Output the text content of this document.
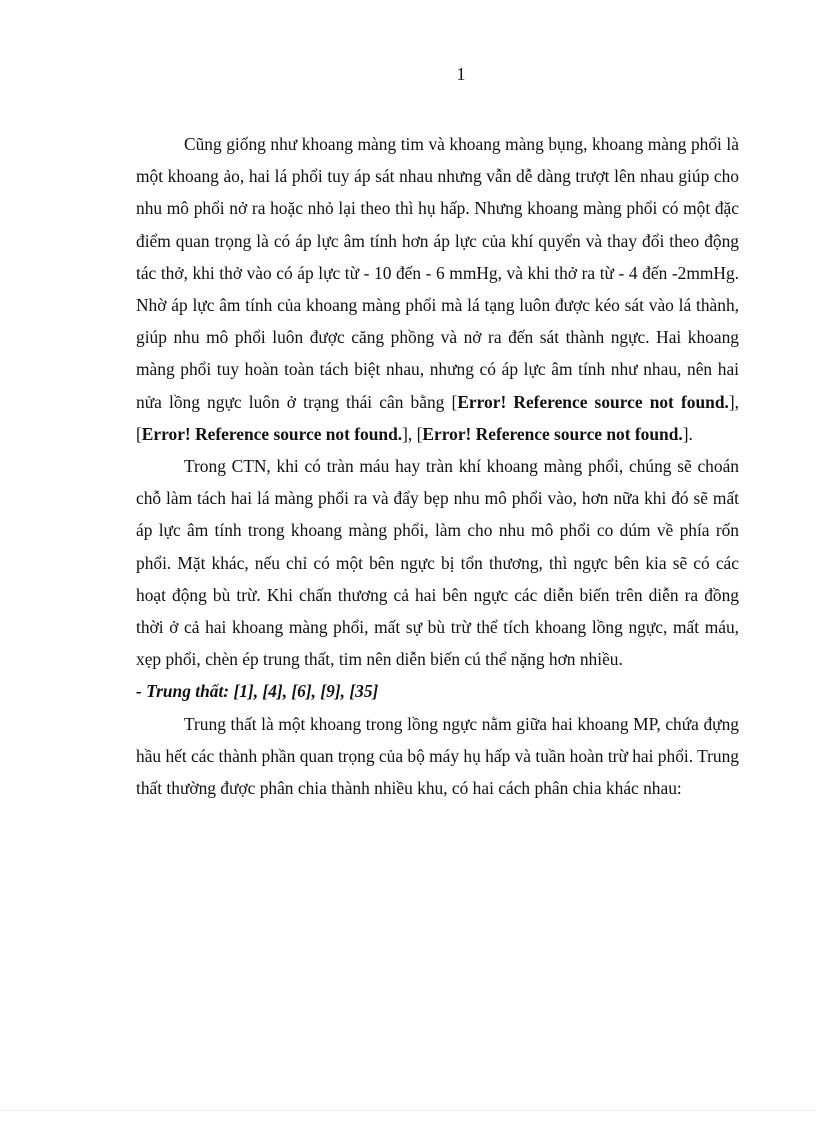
1

Cũng giống như khoang màng tim và khoang màng bụng, khoang màng phổi là một khoang ảo, hai lá phổi tuy áp sát nhau nhưng vẫn dễ dàng trượt lên nhau giúp cho nhu mô phổi nở ra hoặc nhỏ lại theo thì hụ hấp. Nhưng khoang màng phổi có một đặc điểm quan trọng là có áp lực âm tính hơn áp lực của khí quyển và thay đổi theo động tác thở, khi thở vào có áp lực từ - 10 đến - 6 mmHg, và khi thở ra từ - 4 đến -2mmHg. Nhờ áp lực âm tính của khoang màng phổi mà lá tạng luôn được kéo sát vào lá thành, giúp nhu mô phổi luôn được căng phồng và nở ra đến sát thành ngực. Hai khoang màng phổi tuy hoàn toàn tách biệt nhau, nhưng có áp lực âm tính như nhau, nên hai nửa lồng ngực luôn ở trạng thái cân bằng [Error! Reference source not found.], [Error! Reference source not found.], [Error! Reference source not found.].

Trong CTN, khi có tràn máu hay tràn khí khoang màng phổi, chúng sẽ choán chỗ làm tách hai lá màng phổi ra và đẩy bẹp nhu mô phổi vào, hơn nữa khi đó sẽ mất áp lực âm tính trong khoang màng phổi, làm cho nhu mô phổi co dúm về phía rốn phổi. Mặt khác, nếu chỉ có một bên ngực bị tổn thương, thì ngực bên kia sẽ có các hoạt động bù trừ. Khi chấn thương cả hai bên ngực các diễn biến trên diễn ra đồng thời ở cả hai khoang màng phổi, mất sự bù trừ thể tích khoang lồng ngực, mất máu, xẹp phổi, chèn ép trung thất, tim nên diễn biến cú thể nặng hơn nhiều.

- Trung thất: [1], [4], [6], [9], [35]

Trung thất là một khoang trong lồng ngực nằm giữa hai khoang MP, chứa đựng hầu hết các thành phần quan trọng của bộ máy hụ hấp và tuần hoàn trừ hai phổi. Trung thất thường được phân chia thành nhiều khu, có hai cách phân chia khác nhau:
